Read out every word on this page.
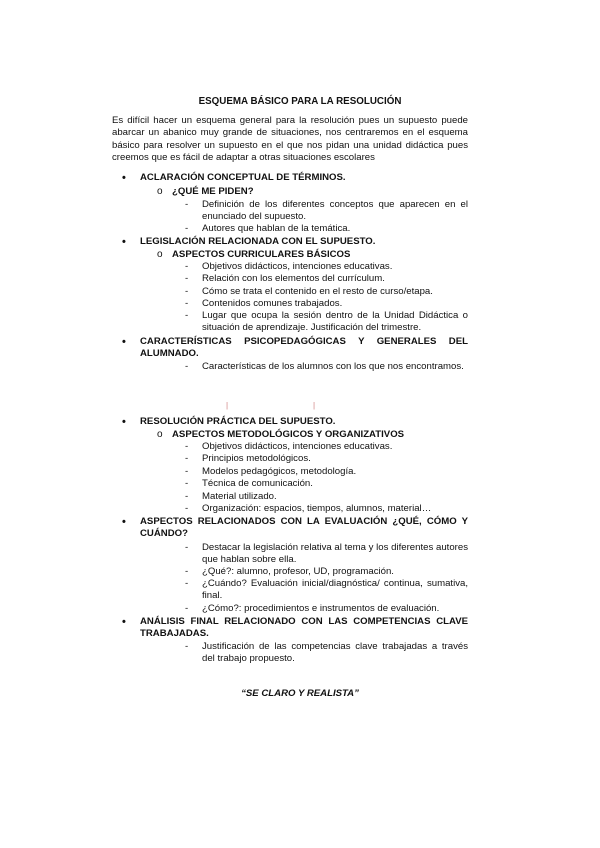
ESQUEMA BÁSICO PARA LA RESOLUCIÓN
Es difícil hacer un esquema general para la resolución pues un supuesto puede abarcar un abanico muy grande de situaciones, nos centraremos en el esquema básico para resolver un supuesto en el que nos pidan una unidad didáctica pues creemos que es fácil de adaptar a otras situaciones escolares
• ACLARACIÓN CONCEPTUAL DE TÉRMINOS.
o ¿QUÉ ME PIDEN?
- Definición de los diferentes conceptos que aparecen en el enunciado del supuesto.
- Autores que hablan de la temática.
• LEGISLACIÓN RELACIONADA CON EL SUPUESTO.
o ASPECTOS CURRICULARES BÁSICOS
- Objetivos didácticos, intenciones educativas.
- Relación con los elementos del currículum.
- Cómo se trata el contenido en el resto de curso/etapa.
- Contenidos comunes trabajados.
- Lugar que ocupa la sesión dentro de la Unidad Didáctica o situación de aprendizaje. Justificación del trimestre.
• CARACTERÍSTICAS PSICOPEDAGÓGICAS Y GENERALES DEL ALUMNADO.
- Características de los alumnos con los que nos encontramos.
|	|
• RESOLUCIÓN PRÁCTICA DEL SUPUESTO.
o ASPECTOS METODOLÓGICOS Y ORGANIZATIVOS
- Objetivos didácticos, intenciones educativas.
- Principios metodológicos.
- Modelos pedagógicos, metodología.
- Técnica de comunicación.
- Material utilizado.
- Organización: espacios, tiempos, alumnos, material…
• ASPECTOS RELACIONADOS CON LA EVALUACIÓN ¿QUÉ, CÓMO Y CUÁNDO?
- Destacar la legislación relativa al tema y los diferentes autores que hablan sobre ella.
- ¿Qué?: alumno, profesor, UD, programación.
- ¿Cuándo? Evaluación inicial/diagnóstica/ continua, sumativa, final.
- ¿Cómo?: procedimientos e instrumentos de evaluación.
• ANÁLISIS FINAL RELACIONADO CON LAS COMPETENCIAS CLAVE TRABAJADAS.
- Justificación de las competencias clave trabajadas a través del trabajo propuesto.
“SE CLARO Y REALISTA”
